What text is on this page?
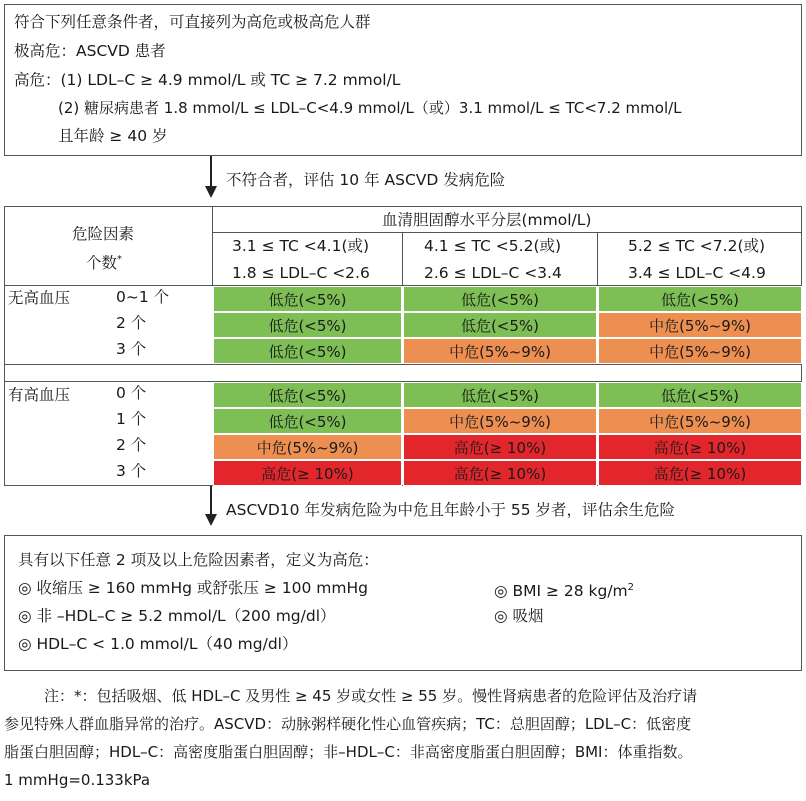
符合下列任意条件者，可直接列为高危或极高危人群
极高危：ASCVD 患者
高危：(1) LDL–C ≥ 4.9 mmol/L 或 TC ≥ 7.2 mmol/L
(2) 糖尿病患者 1.8 mmol/L ≤ LDL–C<4.9 mmol/L（或）3.1 mmol/L ≤ TC<7.2 mmol/L
且年龄 ≥ 40 岁
不符合者，评估 10 年 ASCVD 发病危险
危险因素
个数*
血清胆固醇水平分层(mmol/L)
3.1 ≤ TC <4.1(或)
1.8 ≤ LDL–C <2.6
4.1 ≤ TC <5.2(或)
2.6 ≤ LDL–C <3.4
5.2 ≤ TC <7.2(或)
3.4 ≤ LDL–C <4.9
无高血压
有高血压
0~1 个	低危(<5%)	低危(<5%)	低危(<5%)
2 个	低危(<5%)	低危(<5%)	中危(5%~9%)
3 个	低危(<5%)	中危(5%~9%)	中危(5%~9%)
0 个	低危(<5%)	低危(<5%)	低危(<5%)
1 个	低危(<5%)	中危(5%~9%)	中危(5%~9%)
2 个	中危(5%~9%)	高危(≥ 10%)	高危(≥ 10%)
3 个	高危(≥ 10%)	高危(≥ 10%)	高危(≥ 10%)
ASCVD10 年发病危险为中危且年龄小于 55 岁者，评估余生危险
具有以下任意 2 项及以上危险因素者，定义为高危：
◎ 收缩压 ≥ 160 mmHg 或舒张压 ≥ 100 mmHg
◎ 非 –HDL–C ≥ 5.2 mmol/L（200 mg/dl）
◎ HDL–C < 1.0 mmol/L（40 mg/dl）
◎ BMI ≥ 28 $kg/m^2$
◎ 吸烟
注：*：包括吸烟、低 HDL–C 及男性 ≥ 45 岁或女性 ≥ 55 岁。慢性肾病患者的危险评估及治疗请
参见特殊人群血脂异常的治疗。ASCVD：动脉粥样硬化性心血管疾病；TC：总胆固醇；LDL–C：低密度
脂蛋白胆固醇；HDL–C：高密度脂蛋白胆固醇；非–HDL–C：非高密度脂蛋白胆固醇；BMI：体重指数。
1 mmHg=0.133kPa
